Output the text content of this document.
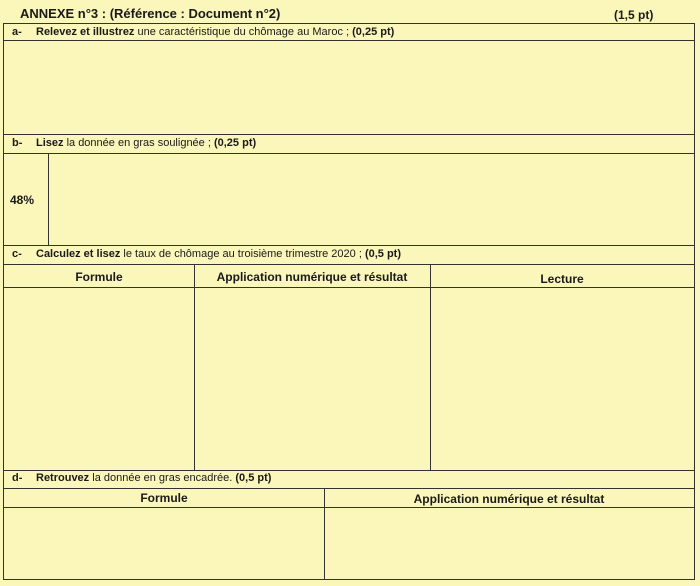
ANNEXE n°3 : (Référence : Document n°2)	(1,5 pt)
a- Relevez et illustrez une caractéristique du chômage au Maroc ; (0,25 pt)
b- Lisez la donnée en gras soulignée ; (0,25 pt)
c- Calculez et lisez le taux de chômage au troisième trimestre 2020 ; (0,5 pt)
Formule	Application numérique et résultat	Lecture
d- Retrouvez la donnée en gras encadrée. (0,5 pt)
Formule	Application numérique et résultat
48%
